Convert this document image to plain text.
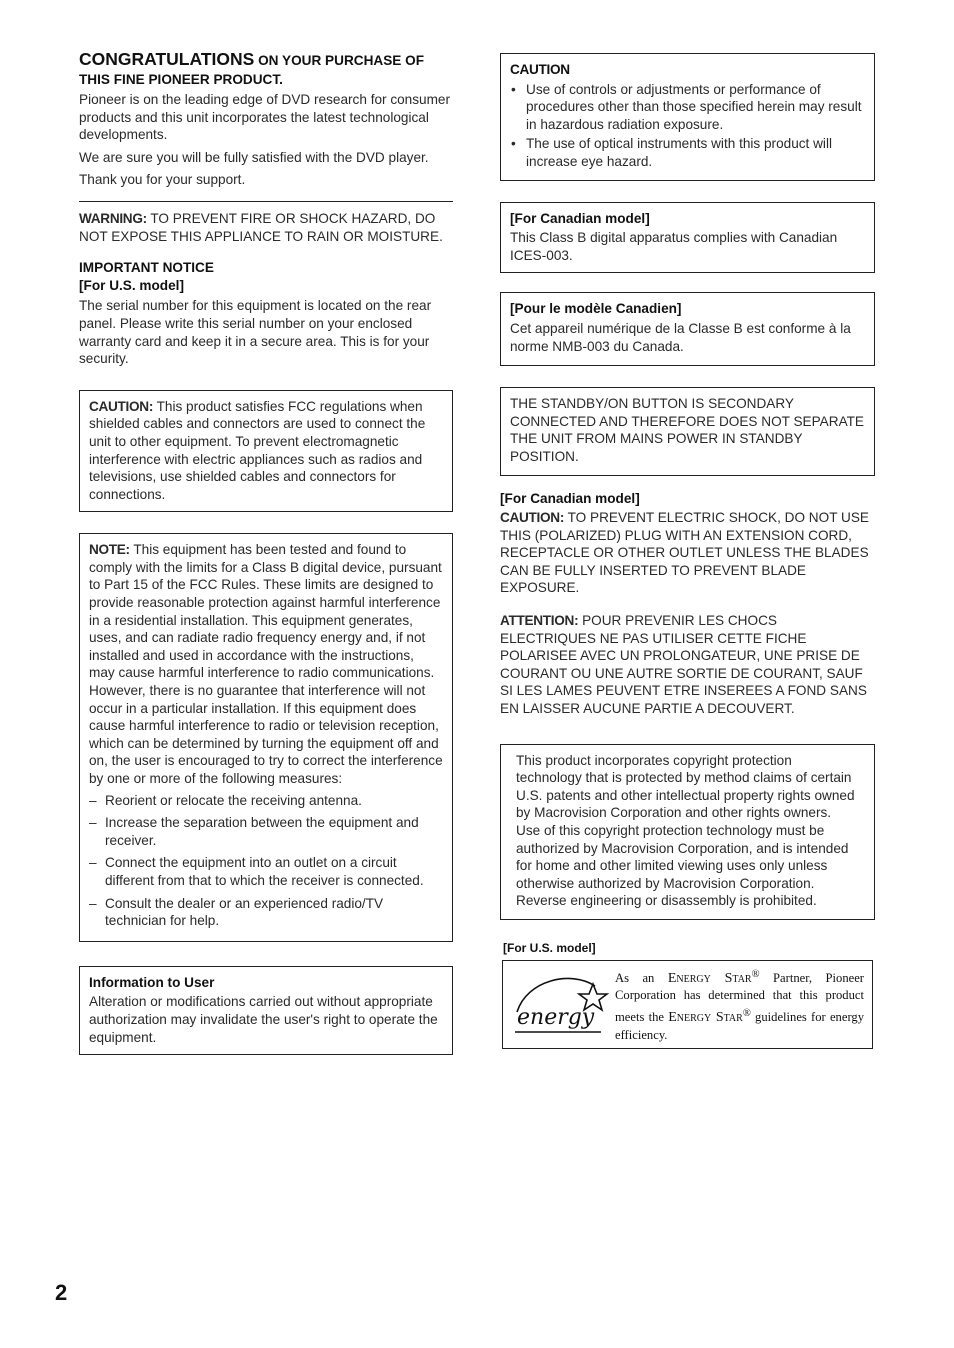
CONGRATULATIONS ON YOUR PURCHASE OF
THIS FINE PIONEER PRODUCT.

Pioneer is on the leading edge of DVD research for consumer products and this unit incorporates the latest technological developments.

We are sure you will be fully satisfied with the DVD player.

Thank you for your support.

WARNING: TO PREVENT FIRE OR SHOCK HAZARD, DO NOT EXPOSE THIS APPLIANCE TO RAIN OR MOISTURE.

IMPORTANT NOTICE

[For U.S. model]

The serial number for this equipment is located on the rear panel. Please write this serial number on your enclosed warranty card and keep it in a secure area. This is for your security.

CAUTION: This product satisfies FCC regulations when shielded cables and connectors are used to connect the unit to other equipment. To prevent electromagnetic interference with electric appliances such as radios and televisions, use shielded cables and connectors for connections.

NOTE: This equipment has been tested and found to comply with the limits for a Class B digital device, pursuant to Part 15 of the FCC Rules. These limits are designed to provide reasonable protection against harmful interference in a residential installation. This equipment generates, uses, and can radiate radio frequency energy and, if not installed and used in accordance with the instructions, may cause harmful interference to radio communications. However, there is no guarantee that interference will not occur in a particular installation. If this equipment does cause harmful interference to radio or television reception, which can be determined by turning the equipment off and on, the user is encouraged to try to correct the interference by one or more of the following measures:

– Reorient or relocate the receiving antenna.
– Increase the separation between the equipment and receiver.
– Connect the equipment into an outlet on a circuit different from that to which the receiver is connected.
– Consult the dealer or an experienced radio/TV technician for help.

Information to User

Alteration or modifications carried out without appropriate authorization may invalidate the user's right to operate the equipment.

CAUTION

• Use of controls or adjustments or performance of procedures other than those specified herein may result in hazardous radiation exposure.
• The use of optical instruments with this product will increase eye hazard.

[For Canadian model]

This Class B digital apparatus complies with Canadian ICES-003.

[Pour le modèle Canadien]

Cet appareil numérique de la Classe B est conforme à la norme NMB-003 du Canada.

THE STANDBY/ON BUTTON IS SECONDARY CONNECTED AND THEREFORE DOES NOT SEPARATE THE UNIT FROM MAINS POWER IN STANDBY POSITION.

[For Canadian model]

CAUTION: TO PREVENT ELECTRIC SHOCK, DO NOT USE THIS (POLARIZED) PLUG WITH AN EXTENSION CORD, RECEPTACLE OR OTHER OUTLET UNLESS THE BLADES CAN BE FULLY INSERTED TO PREVENT BLADE EXPOSURE.

ATTENTION: POUR PREVENIR LES CHOCS ELECTRIQUES NE PAS UTILISER CETTE FICHE POLARISEE AVEC UN PROLONGATEUR, UNE PRISE DE COURANT OU UNE AUTRE SORTIE DE COURANT, SAUF SI LES LAMES PEUVENT ETRE INSEREES A FOND SANS EN LAISSER AUCUNE PARTIE A DECOUVERT.

This product incorporates copyright protection technology that is protected by method claims of certain U.S. patents and other intellectual property rights owned by Macrovision Corporation and other rights owners. Use of this copyright protection technology must be authorized by Macrovision Corporation, and is intended for home and other limited viewing uses only unless otherwise authorized by Macrovision Corporation. Reverse engineering or disassembly is prohibited.

[For U.S. model]

energy

As an Energy Star® Partner, Pioneer Corporation has determined that this product meets the Energy Star® guidelines for energy efficiency.

2
